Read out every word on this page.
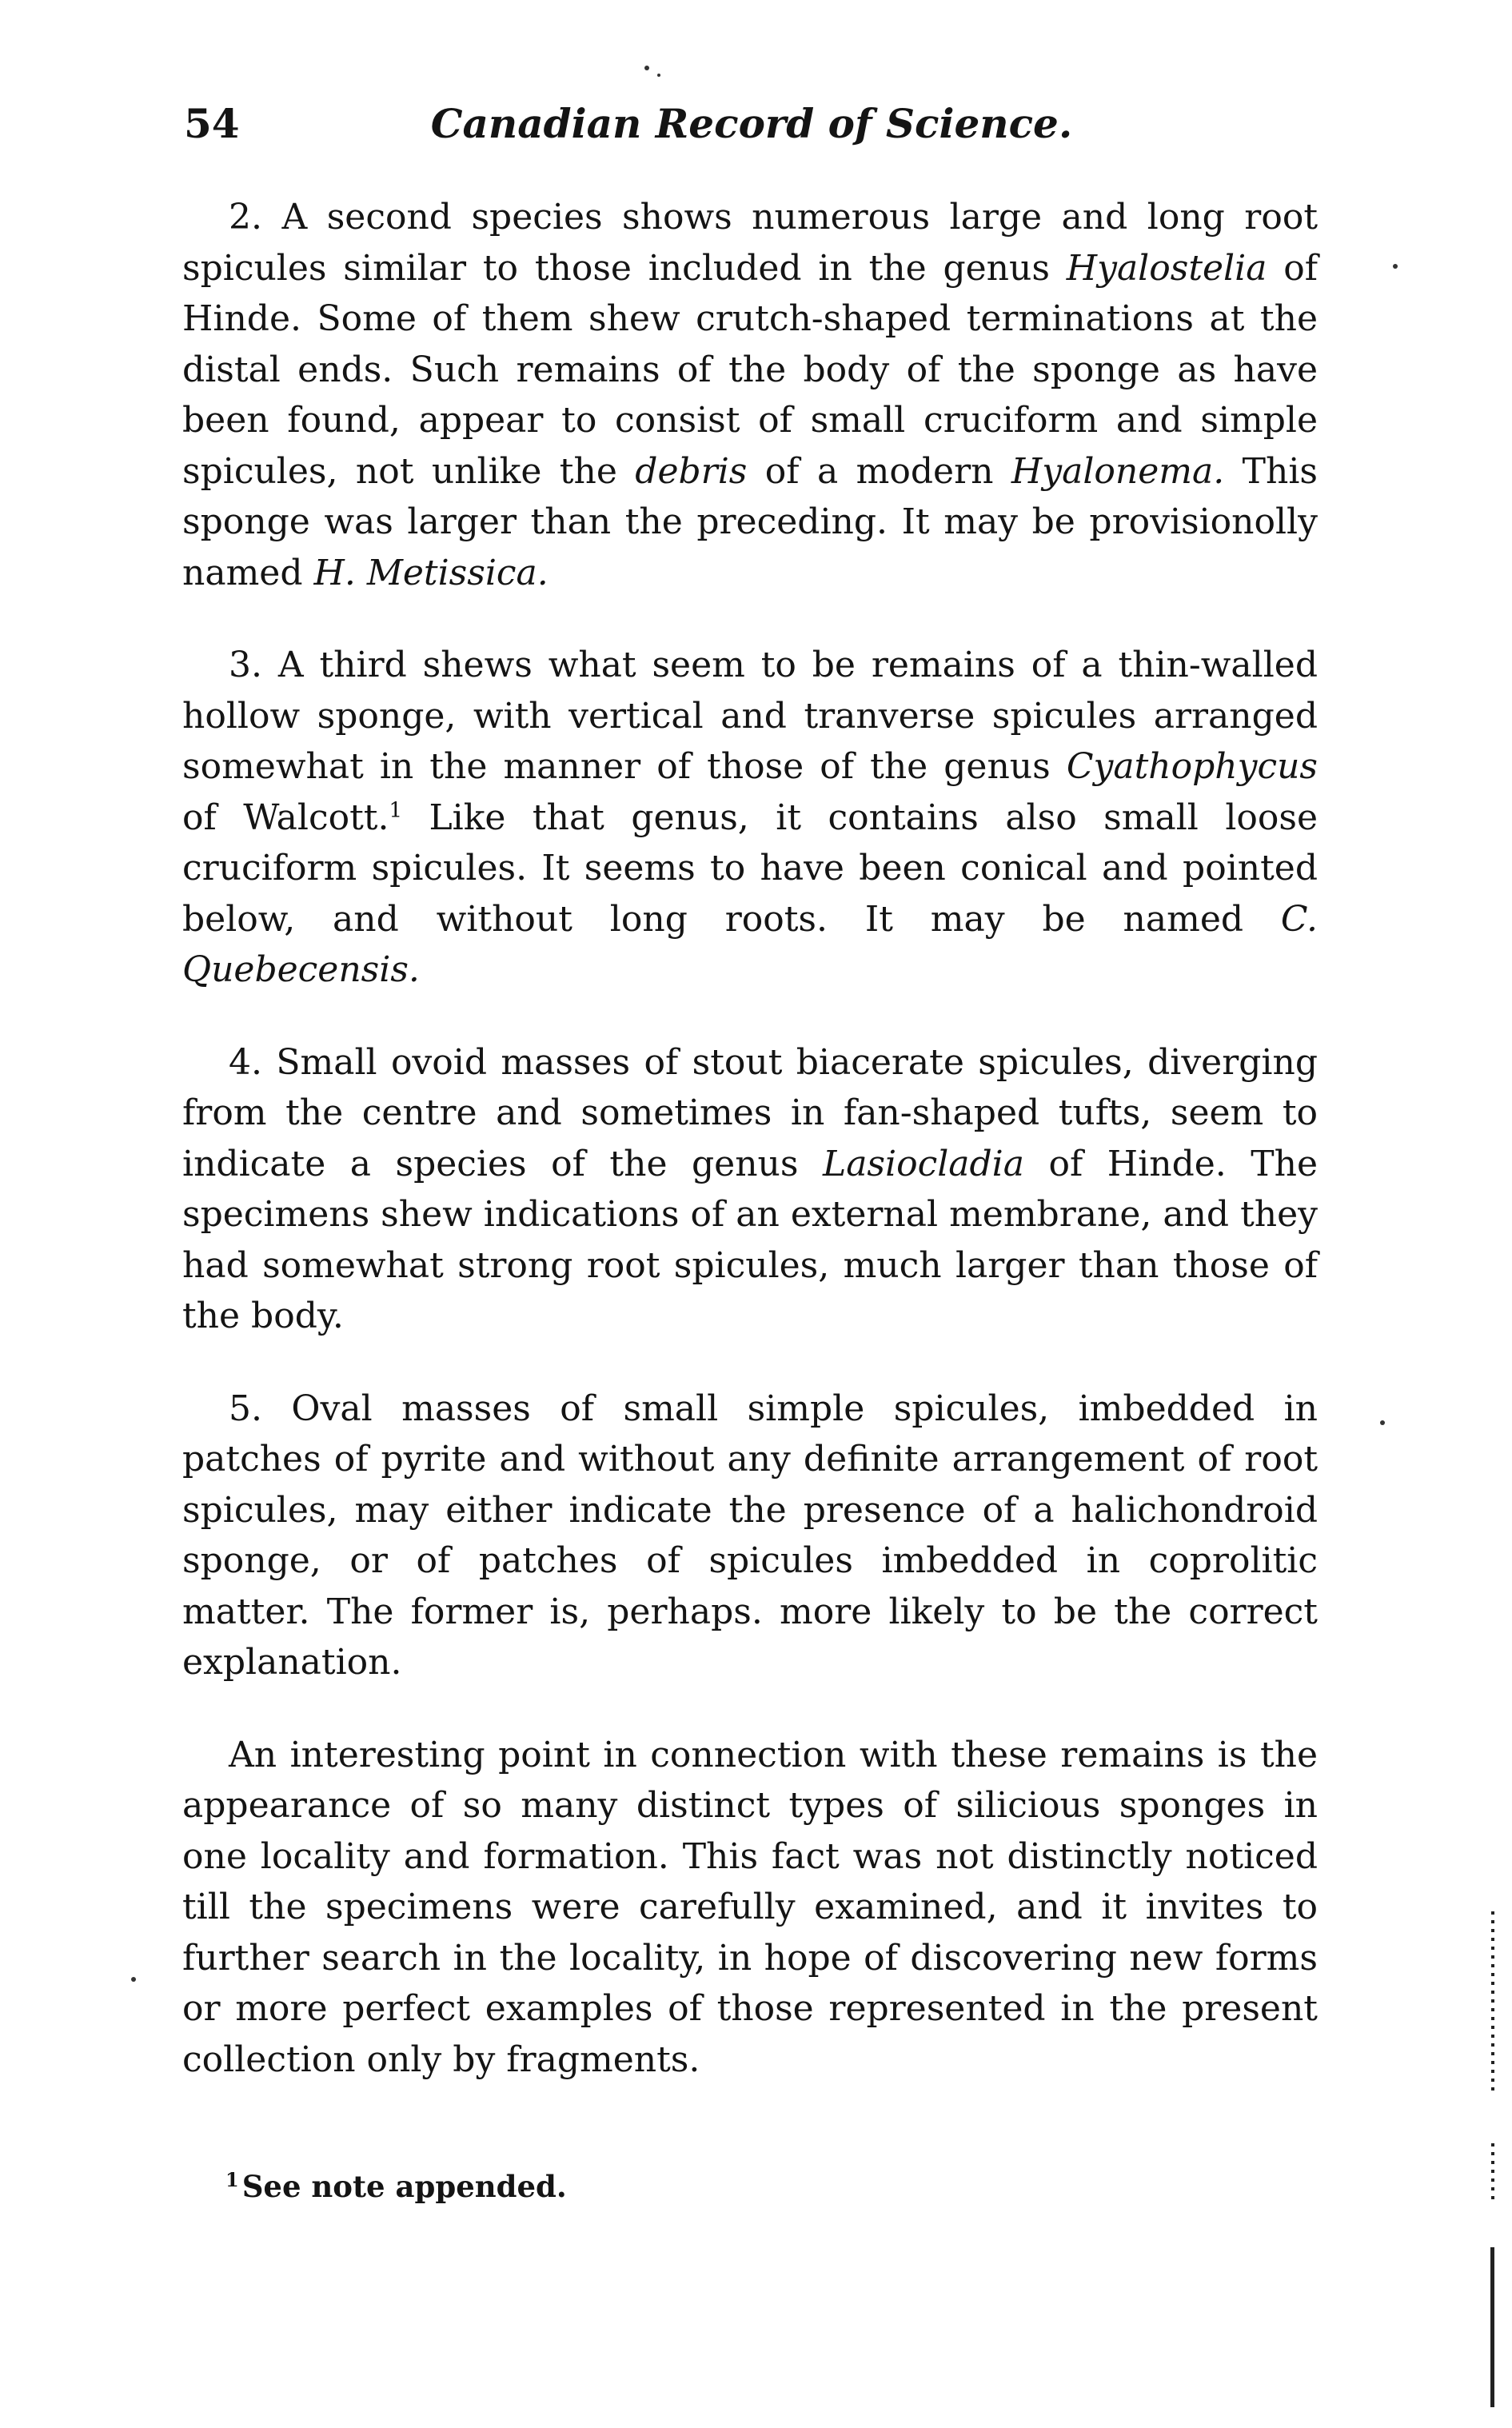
54	Canadian Record of Science.

2. A second species shows numerous large and long root spicules similar to those included in the genus Hyalostelia of Hinde. Some of them shew crutch-shaped terminations at the distal ends. Such remains of the body of the sponge as have been found, appear to consist of small cruciform and simple spicules, not unlike the debris of a modern Hyalonema. This sponge was larger than the preceding. It may be provisionolly named H. Metissica.

3. A third shews what seem to be remains of a thin-walled hollow sponge, with vertical and tranverse spicules arranged somewhat in the manner of those of the genus Cyathophycus of Walcott.$^1$ Like that genus, it contains also small loose cruciform spicules. It seems to have been conical and pointed below, and without long roots. It may be named C. Quebecensis.

4. Small ovoid masses of stout biacerate spicules, diverging from the centre and sometimes in fan-shaped tufts, seem to indicate a species of the genus Lasiocladia of Hinde. The specimens shew indications of an external membrane, and they had somewhat strong root spicules, much larger than those of the body.

5. Oval masses of small simple spicules, imbedded in patches of pyrite and without any definite arrangement of root spicules, may either indicate the presence of a halichondroid sponge, or of patches of spicules imbedded in coprolitic matter. The former is, perhaps. more likely to be the correct explanation.

An interesting point in connection with these remains is the appearance of so many distinct types of silicious sponges in one locality and formation. This fact was not distinctly noticed till the specimens were carefully examined, and it invites to further search in the locality, in hope of discovering new forms or more perfect examples of those represented in the present collection only by fragments.

$^1$ See note appended.
